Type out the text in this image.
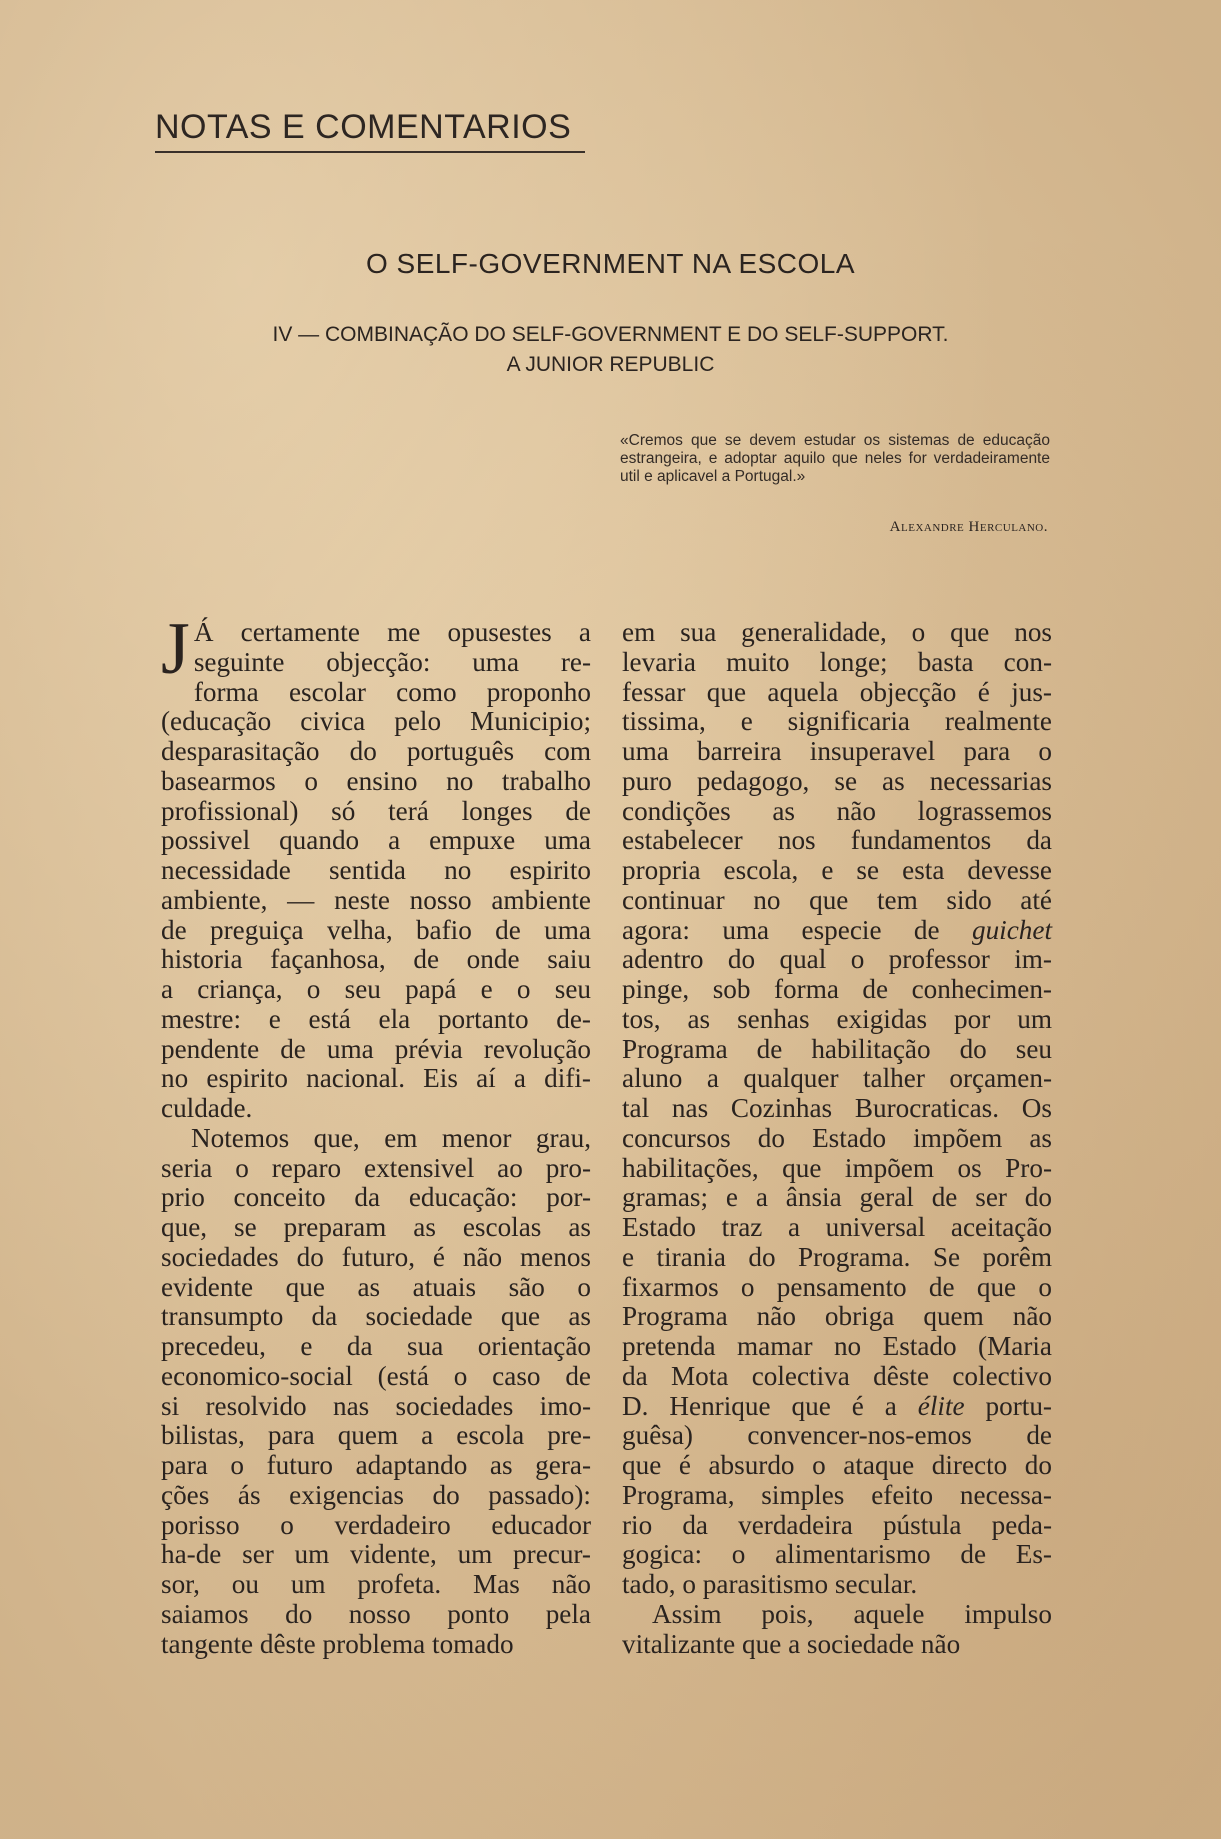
NOTAS E COMENTARIOS
O SELF-GOVERNMENT NA ESCOLA
IV — COMBINAÇÃO DO SELF-GOVERNMENT E DO SELF-SUPPORT.
A JUNIOR REPUBLIC
«Cremos que se devem estudar os sistemas de educação estrangeira, e adoptar aquilo que neles for verdadeiramente util e aplicavel a Portugal.»
Alexandre Herculano.

J Á certamente me opusestes a
seguinte objecção: uma re-
forma escolar como proponho
(educação civica pelo Municipio;
desparasitação do português com
basearmos o ensino no trabalho
profissional) só terá longes de
possivel quando a empuxe uma
necessidade sentida no espirito
ambiente, — neste nosso ambiente
de preguiça velha, bafio de uma
historia façanhosa, de onde saiu
a criança, o seu papá e o seu
mestre: e está ela portanto de-
pendente de uma prévia revolução
no espirito nacional. Eis aí a difi-
culdade.

Notemos que, em menor grau,
seria o reparo extensivel ao pro-
prio conceito da educação: por-
que, se preparam as escolas as
sociedades do futuro, é não menos
evidente que as atuais são o
transumpto da sociedade que as
precedeu, e da sua orientação
economico-social (está o caso de
si resolvido nas sociedades imo-
bilistas, para quem a escola pre-
para o futuro adaptando as gera-
ções ás exigencias do passado):
porisso o verdadeiro educador
ha-de ser um vidente, um precur-
sor, ou um profeta. Mas não
saiamos do nosso ponto pela
tangente dêste problema tomado

em sua generalidade, o que nos
levaria muito longe; basta con-
fessar que aquela objecção é jus-
tissima, e significaria realmente
uma barreira insuperavel para o
puro pedagogo, se as necessarias
condições as não lograssemos
estabelecer nos fundamentos da
propria escola, e se esta devesse
continuar no que tem sido até
agora: uma especie de guichet
adentro do qual o professor im-
pinge, sob forma de conhecimen-
tos, as senhas exigidas por um
Programa de habilitação do seu
aluno a qualquer talher orçamen-
tal nas Cozinhas Burocraticas. Os
concursos do Estado impõem as
habilitações, que impõem os Pro-
gramas; e a ânsia geral de ser do
Estado traz a universal aceitação
e tirania do Programa. Se porêm
fixarmos o pensamento de que o
Programa não obriga quem não
pretenda mamar no Estado (Maria
da Mota colectiva dêste colectivo
D. Henrique que é a élite portu-
guêsa) convencer-nos-emos de
que é absurdo o ataque directo do
Programa, simples efeito necessa-
rio da verdadeira pústula peda-
gogica: o alimentarismo de Es-
tado, o parasitismo secular.

Assim pois, aquele impulso
vitalizante que a sociedade não
